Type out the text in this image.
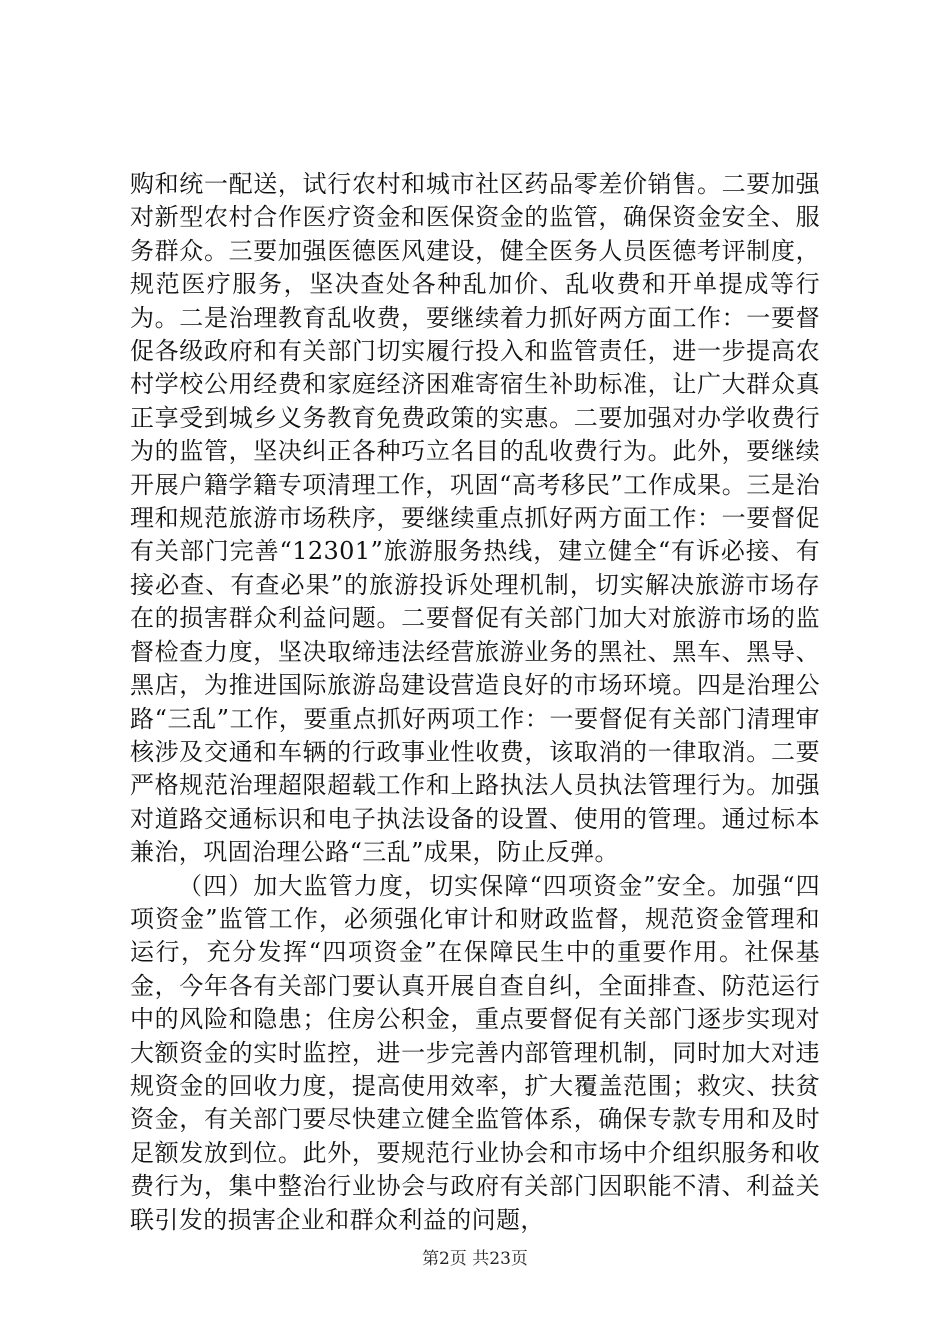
购和统一配送，试行农村和城市社区药品零差价销售。二要加强对新型农村合作医疗资金和医保资金的监管，确保资金安全、服务群众。三要加强医德医风建设，健全医务人员医德考评制度，规范医疗服务，坚决查处各种乱加价、乱收费和开单提成等行为。二是治理教育乱收费，要继续着力抓好两方面工作：一要督促各级政府和有关部门切实履行投入和监管责任，进一步提高农村学校公用经费和家庭经济困难寄宿生补助标准，让广大群众真正享受到城乡义务教育免费政策的实惠。二要加强对办学收费行为的监管，坚决纠正各种巧立名目的乱收费行为。此外，要继续开展户籍学籍专项清理工作，巩固“高考移民”工作成果。三是治理和规范旅游市场秩序，要继续重点抓好两方面工作：一要督促有关部门完善“12301”旅游服务热线，建立健全“有诉必接、有接必查、有查必果”的旅游投诉处理机制，切实解决旅游市场存在的损害群众利益问题。二要督促有关部门加大对旅游市场的监督检查力度，坚决取缔违法经营旅游业务的黑社、黑车、黑导、黑店，为推进国际旅游岛建设营造良好的市场环境。四是治理公路“三乱”工作，要重点抓好两项工作：一要督促有关部门清理审核涉及交通和车辆的行政事业性收费，该取消的一律取消。二要严格规范治理超限超载工作和上路执法人员执法管理行为。加强对道路交通标识和电子执法设备的设置、使用的管理。通过标本兼治，巩固治理公路“三乱”成果，防止反弹。

（四）加大监管力度，切实保障“四项资金”安全。加强“四项资金”监管工作，必须强化审计和财政监督，规范资金管理和运行，充分发挥“四项资金”在保障民生中的重要作用。社保基金，今年各有关部门要认真开展自查自纠，全面排查、防范运行中的风险和隐患；住房公积金，重点要督促有关部门逐步实现对大额资金的实时监控，进一步完善内部管理机制，同时加大对违规资金的回收力度，提高使用效率，扩大覆盖范围；救灾、扶贫资金，有关部门要尽快建立健全监管体系，确保专款专用和及时足额发放到位。此外，要规范行业协会和市场中介组织服务和收费行为，集中整治行业协会与政府有关部门因职能不清、利益关联引发的损害企业和群众利益的问题，

第2页 共23页
